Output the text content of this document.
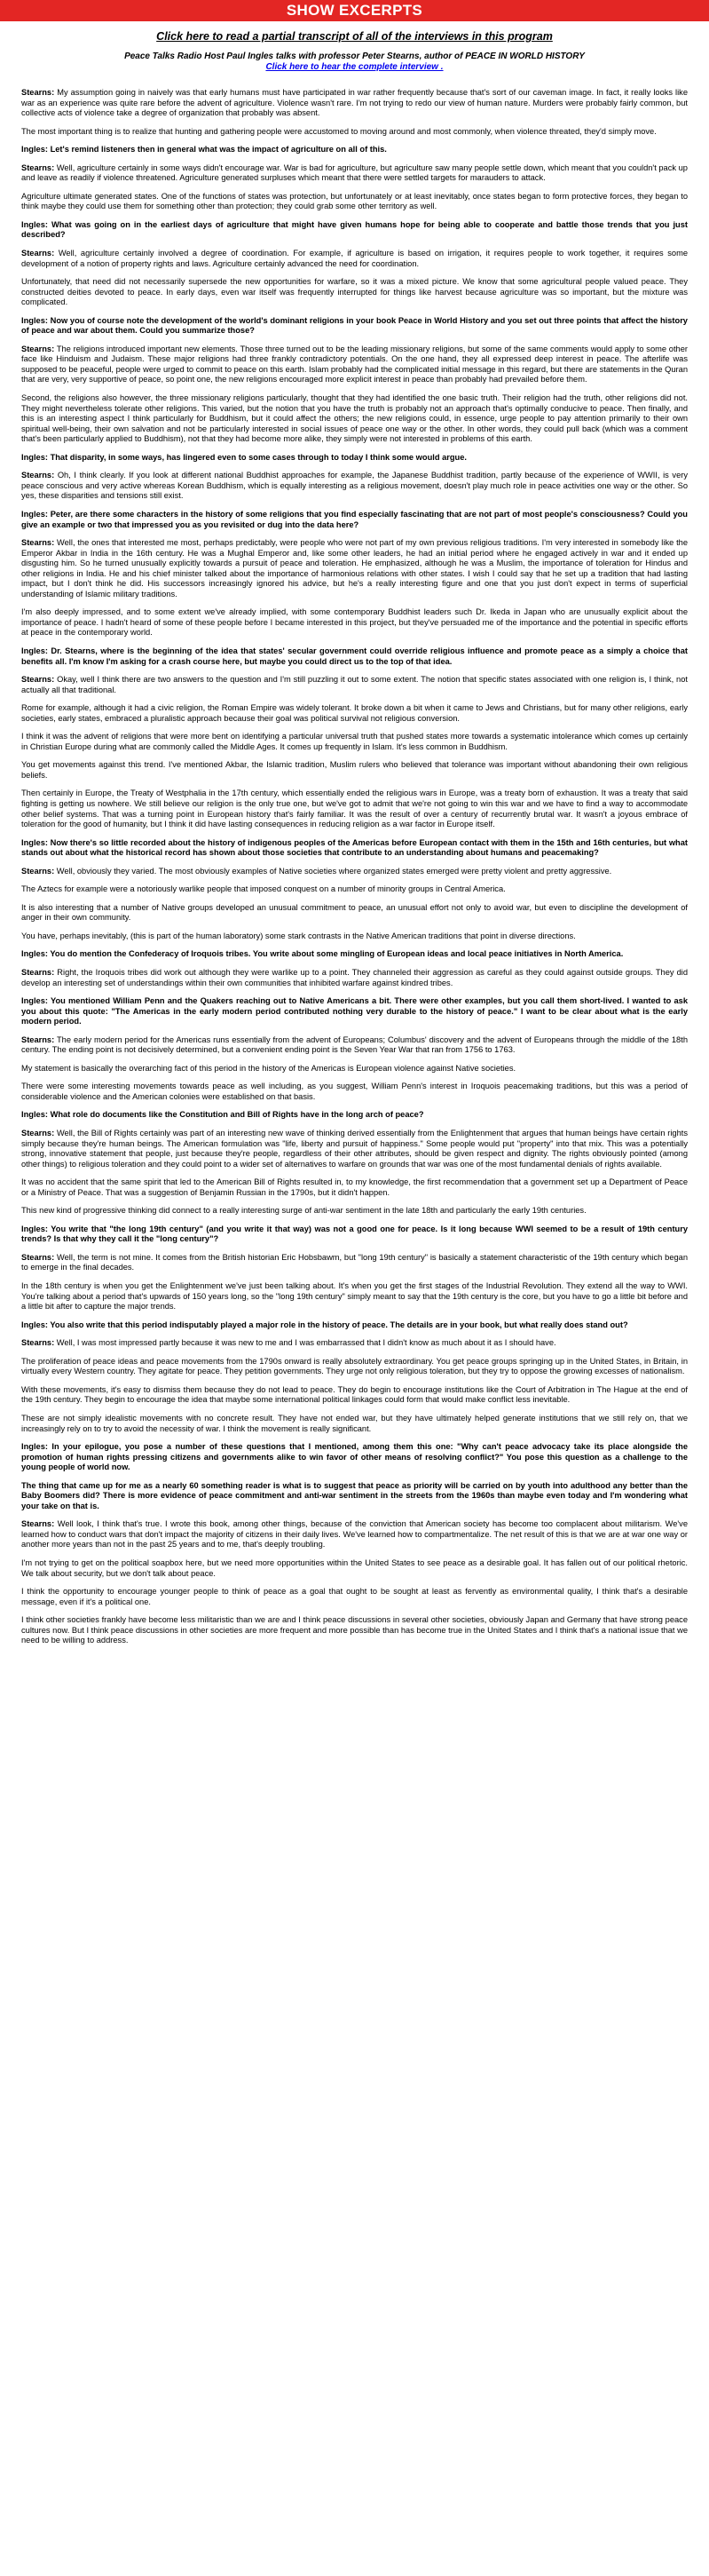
SHOW EXCERPTS
Click here to read a partial transcript of all of the interviews in this program
Peace Talks Radio Host Paul Ingles talks with professor Peter Stearns, author of PEACE IN WORLD HISTORY
Click here to hear the complete interview .

Stearns: My assumption going in naively was that early humans must have participated in war rather frequently because that's sort of our caveman image. In fact, it really looks like war as an experience was quite rare before the advent of agriculture. Violence wasn't rare. I'm not trying to redo our view of human nature. Murders were probably fairly common, but collective acts of violence take a degree of organization that probably was absent.

The most important thing is to realize that hunting and gathering people were accustomed to moving around and most commonly, when violence threated, they'd simply move.

Ingles: Let's remind listeners then in general what was the impact of agriculture on all of this.

Stearns: Well, agriculture certainly in some ways didn't encourage war. War is bad for agriculture, but agriculture saw many people settle down, which meant that you couldn't pack up and leave as readily if violence threatened. Agriculture generated surpluses which meant that there were settled targets for marauders to attack.

Agriculture ultimate generated states. One of the functions of states was protection, but unfortunately or at least inevitably, once states began to form protective forces, they began to think maybe they could use them for something other than protection; they could grab some other territory as well.

Ingles: What was going on in the earliest days of agriculture that might have given humans hope for being able to cooperate and battle those trends that you just described?

Stearns: Well, agriculture certainly involved a degree of coordination. For example, if agriculture is based on irrigation, it requires people to work together, it requires some development of a notion of property rights and laws. Agriculture certainly advanced the need for coordination.

Unfortunately, that need did not necessarily supersede the new opportunities for warfare, so it was a mixed picture. We know that some agricultural people valued peace. They constructed deities devoted to peace. In early days, even war itself was frequently interrupted for things like harvest because agriculture was so important, but the mixture was complicated.

Ingles: Now you of course note the development of the world's dominant religions in your book Peace in World History and you set out three points that affect the history of peace and war about them. Could you summarize those?

Stearns: The religions introduced important new elements. Those three turned out to be the leading missionary religions, but some of the same comments would apply to some other face like Hinduism and Judaism. These major religions had three frankly contradictory potentials. On the one hand, they all expressed deep interest in peace. The afterlife was supposed to be peaceful, people were urged to commit to peace on this earth. Islam probably had the complicated initial message in this regard, but there are statements in the Quran that are very, very supportive of peace, so point one, the new religions encouraged more explicit interest in peace than probably had prevailed before them.

Second, the religions also however, the three missionary religions particularly, thought that they had identified the one basic truth. Their religion had the truth, other religions did not. They might nevertheless tolerate other religions. This varied, but the notion that you have the truth is probably not an approach that's optimally conducive to peace. Then finally, and this is an interesting aspect I think particularly for Buddhism, but it could affect the others; the new religions could, in essence, urge people to pay attention primarily to their own spiritual well-being, their own salvation and not be particularly interested in social issues of peace one way or the other. In other words, they could pull back (which was a comment that's been particularly applied to Buddhism), not that they had become more alike, they simply were not interested in problems of this earth.

Ingles: That disparity, in some ways, has lingered even to some cases through to today I think some would argue.

Stearns: Oh, I think clearly. If you look at different national Buddhist approaches for example, the Japanese Buddhist tradition, partly because of the experience of WWII, is very peace conscious and very active whereas Korean Buddhism, which is equally interesting as a religious movement, doesn't play much role in peace activities one way or the other. So yes, these disparities and tensions still exist.

Ingles: Peter, are there some characters in the history of some religions that you find especially fascinating that are not part of most people's consciousness? Could you give an example or two that impressed you as you revisited or dug into the data here?

Stearns: Well, the ones that interested me most, perhaps predictably, were people who were not part of my own previous religious traditions. I'm very interested in somebody like the Emperor Akbar in India in the 16th century. He was a Mughal Emperor and, like some other leaders, he had an initial period where he engaged actively in war and it ended up disgusting him. So he turned unusually explicitly towards a pursuit of peace and toleration. He emphasized, although he was a Muslim, the importance of toleration for Hindus and other religions in India. He and his chief minister talked about the importance of harmonious relations with other states. I wish I could say that he set up a tradition that had lasting impact, but I don't think he did. His successors increasingly ignored his advice, but he's a really interesting figure and one that you just don't expect in terms of superficial understanding of Islamic military traditions.

I'm also deeply impressed, and to some extent we've already implied, with some contemporary Buddhist leaders such Dr. Ikeda in Japan who are unusually explicit about the importance of peace. I hadn't heard of some of these people before I became interested in this project, but they've persuaded me of the importance and the potential in specific efforts at peace in the contemporary world.

Ingles: Dr. Stearns, where is the beginning of the idea that states' secular government could override religious influence and promote peace as a simply a choice that benefits all. I'm know I'm asking for a crash course here, but maybe you could direct us to the top of that idea.

Stearns: Okay, well I think there are two answers to the question and I'm still puzzling it out to some extent. The notion that specific states associated with one religion is, I think, not actually all that traditional.

Rome for example, although it had a civic religion, the Roman Empire was widely tolerant. It broke down a bit when it came to Jews and Christians, but for many other religions, early societies, early states, embraced a pluralistic approach because their goal was political survival not religious conversion.

I think it was the advent of religions that were more bent on identifying a particular universal truth that pushed states more towards a systematic intolerance which comes up certainly in Christian Europe during what are commonly called the Middle Ages. It comes up frequently in Islam. It's less common in Buddhism.

You get movements against this trend. I've mentioned Akbar, the Islamic tradition, Muslim rulers who believed that tolerance was important without abandoning their own religious beliefs.

Then certainly in Europe, the Treaty of Westphalia in the 17th century, which essentially ended the religious wars in Europe, was a treaty born of exhaustion. It was a treaty that said fighting is getting us nowhere. We still believe our religion is the only true one, but we've got to admit that we're not going to win this war and we have to find a way to accommodate other belief systems. That was a turning point in European history that's fairly familiar. It was the result of over a century of recurrently brutal war. It wasn't a joyous embrace of toleration for the good of humanity, but I think it did have lasting consequences in reducing religion as a war factor in Europe itself.

Ingles: Now there's so little recorded about the history of indigenous peoples of the Americas before European contact with them in the 15th and 16th centuries, but what stands out about what the historical record has shown about those societies that contribute to an understanding about humans and peacemaking?

Stearns: Well, obviously they varied. The most obviously examples of Native societies where organized states emerged were pretty violent and pretty aggressive.

The Aztecs for example were a notoriously warlike people that imposed conquest on a number of minority groups in Central America.

It is also interesting that a number of Native groups developed an unusual commitment to peace, an unusual effort not only to avoid war, but even to discipline the development of anger in their own community.

You have, perhaps inevitably, (this is part of the human laboratory) some stark contrasts in the Native American traditions that point in diverse directions.

Ingles: You do mention the Confederacy of Iroquois tribes. You write about some mingling of European ideas and local peace initiatives in North America.

Stearns: Right, the Iroquois tribes did work out although they were warlike up to a point. They channeled their aggression as careful as they could against outside groups. They did develop an interesting set of understandings within their own communities that inhibited warfare against kindred tribes.

Ingles: You mentioned William Penn and the Quakers reaching out to Native Americans a bit. There were other examples, but you call them short-lived. I wanted to ask you about this quote: "The Americas in the early modern period contributed nothing very durable to the history of peace." I want to be clear about what is the early modern period.

Stearns: The early modern period for the Americas runs essentially from the advent of Europeans; Columbus' discovery and the advent of Europeans through the middle of the 18th century. The ending point is not decisively determined, but a convenient ending point is the Seven Year War that ran from 1756 to 1763.

My statement is basically the overarching fact of this period in the history of the Americas is European violence against Native societies.

There were some interesting movements towards peace as well including, as you suggest, William Penn's interest in Iroquois peacemaking traditions, but this was a period of considerable violence and the American colonies were established on that basis.

Ingles: What role do documents like the Constitution and Bill of Rights have in the long arch of peace?

Stearns: Well, the Bill of Rights certainly was part of an interesting new wave of thinking derived essentially from the Enlightenment that argues that human beings have certain rights simply because they're human beings. The American formulation was "life, liberty and pursuit of happiness." Some people would put "property" into that mix. This was a potentially strong, innovative statement that people, just because they're people, regardless of their other attributes, should be given respect and dignity. The rights obviously pointed (among other things) to religious toleration and they could point to a wider set of alternatives to warfare on grounds that war was one of the most fundamental denials of rights available.

It was no accident that the same spirit that led to the American Bill of Rights resulted in, to my knowledge, the first recommendation that a government set up a Department of Peace or a Ministry of Peace. That was a suggestion of Benjamin Russian in the 1790s, but it didn't happen.

This new kind of progressive thinking did connect to a really interesting surge of anti-war sentiment in the late 18th and particularly the early 19th centuries.

Ingles: You write that "the long 19th century" (and you write it that way) was not a good one for peace. Is it long because WWI seemed to be a result of 19th century trends? Is that why they call it the "long century"?

Stearns: Well, the term is not mine. It comes from the British historian Eric Hobsbawm, but "long 19th century" is basically a statement characteristic of the 19th century which began to emerge in the final decades.

In the 18th century is when you get the Enlightenment we've just been talking about. It's when you get the first stages of the Industrial Revolution. They extend all the way to WWI. You're talking about a period that's upwards of 150 years long, so the "long 19th century" simply meant to say that the 19th century is the core, but you have to go a little bit before and a little bit after to capture the major trends.

Ingles: You also write that this period indisputably played a major role in the history of peace. The details are in your book, but what really does stand out?

Stearns: Well, I was most impressed partly because it was new to me and I was embarrassed that I didn't know as much about it as I should have.

The proliferation of peace ideas and peace movements from the 1790s onward is really absolutely extraordinary. You get peace groups springing up in the United States, in Britain, in virtually every Western country. They agitate for peace. They petition governments. They urge not only religious toleration, but they try to oppose the growing excesses of nationalism.

With these movements, it's easy to dismiss them because they do not lead to peace. They do begin to encourage institutions like the Court of Arbitration in The Hague at the end of the 19th century. They begin to encourage the idea that maybe some international political linkages could form that would make conflict less inevitable.

These are not simply idealistic movements with no concrete result. They have not ended war, but they have ultimately helped generate institutions that we still rely on, that we increasingly rely on to try to avoid the necessity of war. I think the movement is really significant.

Ingles: In your epilogue, you pose a number of these questions that I mentioned, among them this one: "Why can't peace advocacy take its place alongside the promotion of human rights pressing citizens and governments alike to win favor of other means of resolving conflict?" You pose this question as a challenge to the young people of world now.

The thing that came up for me as a nearly 60 something reader is what is to suggest that peace as priority will be carried on by youth into adulthood any better than the Baby Boomers did? There is more evidence of peace commitment and anti-war sentiment in the streets from the 1960s than maybe even today and I'm wondering what your take on that is.

Stearns: Well look, I think that's true. I wrote this book, among other things, because of the conviction that American society has become too complacent about militarism. We've learned how to conduct wars that don't impact the majority of citizens in their daily lives. We've learned how to compartmentalize. The net result of this is that we are at war one way or another more years than not in the past 25 years and to me, that's deeply troubling.

I'm not trying to get on the political soapbox here, but we need more opportunities within the United States to see peace as a desirable goal. It has fallen out of our political rhetoric. We talk about security, but we don't talk about peace.

I think the opportunity to encourage younger people to think of peace as a goal that ought to be sought at least as fervently as environmental quality, I think that's a desirable message, even if it's a political one.

I think other societies frankly have become less militaristic than we are and I think peace discussions in several other societies, obviously Japan and Germany that have strong peace cultures now. But I think peace discussions in other societies are more frequent and more possible than has become true in the United States and I think that's a national issue that we need to be willing to address.
